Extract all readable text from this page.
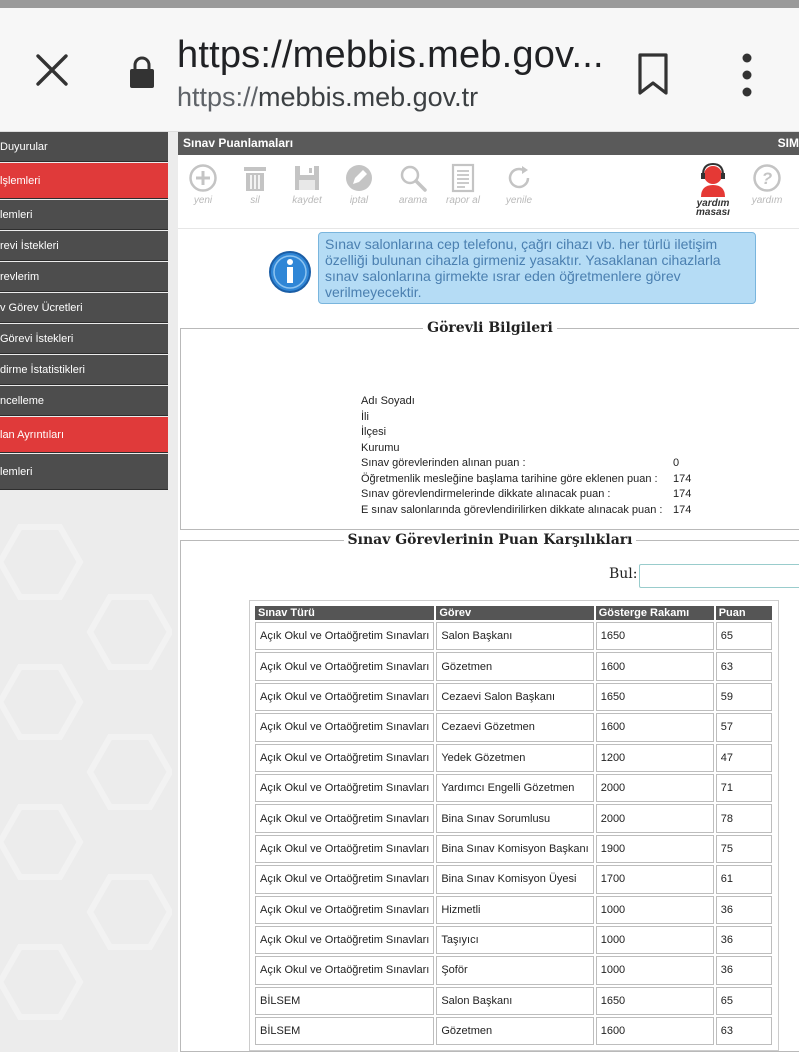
https://mebbis.meb.gov...
https://mebbis.meb.gov.tr
Duyurular
lşlemleri
lemleri
revi İstekleri
revlerim
v Görev Ücretleri
Görevi İstekleri
dirme İstatistikleri
ncelleme
lan Ayrıntıları
lemleri
Sınav Puanlamaları	SIM
yeni	sil	kaydet	iptal	arama	rapor al	yenile	yardım masası
?
yardım
Sınav salonlarına cep telefonu, çağrı cihazı vb. her türlü iletişim özelliği bulunan cihazla girmeniz yasaktır. Yasaklanan cihazlarla sınav salonlarına girmekte ısrar eden öğretmenlere görev verilmeyecektir.
Görevli Bilgileri
Adı Soyadı
İli
İlçesi
Kurumu
Sınav görevlerinden alınan puan :	0
Öğretmenlik mesleğine başlama tarihine göre eklenen puan : 174
Sınav görevlendirmelerinde dikkate alınacak puan :	174
E sınav salonlarında görevlendirilirken dikkate alınacak puan : 174
Sınav Görevlerinin Puan Karşılıkları
Bul:
Sınav Türü	Görev	Gösterge Rakamı	Puan
Açık Okul ve Ortaöğretim Sınavları	Salon Başkanı	1650	65
Açık Okul ve Ortaöğretim Sınavları	Gözetmen	1600	63
Açık Okul ve Ortaöğretim Sınavları	Cezaevi Salon Başkanı	1650	59
Açık Okul ve Ortaöğretim Sınavları	Cezaevi Gözetmen	1600	57
Açık Okul ve Ortaöğretim Sınavları	Yedek Gözetmen	1200	47
Açık Okul ve Ortaöğretim Sınavları	Yardımcı Engelli Gözetmen	2000	71
Açık Okul ve Ortaöğretim Sınavları	Bina Sınav Sorumlusu	2000	78
Açık Okul ve Ortaöğretim Sınavları	Bina Sınav Komisyon Başkanı	1900	75
Açık Okul ve Ortaöğretim Sınavları	Bina Sınav Komisyon Üyesi	1700	61
Açık Okul ve Ortaöğretim Sınavları	Hizmetli	1000	36
Açık Okul ve Ortaöğretim Sınavları	Taşıyıcı	1000	36
Açık Okul ve Ortaöğretim Sınavları	Şoför	1000	36
BİLSEM	Salon Başkanı	1650	65
BİLSEM	Gözetmen	1600	63
